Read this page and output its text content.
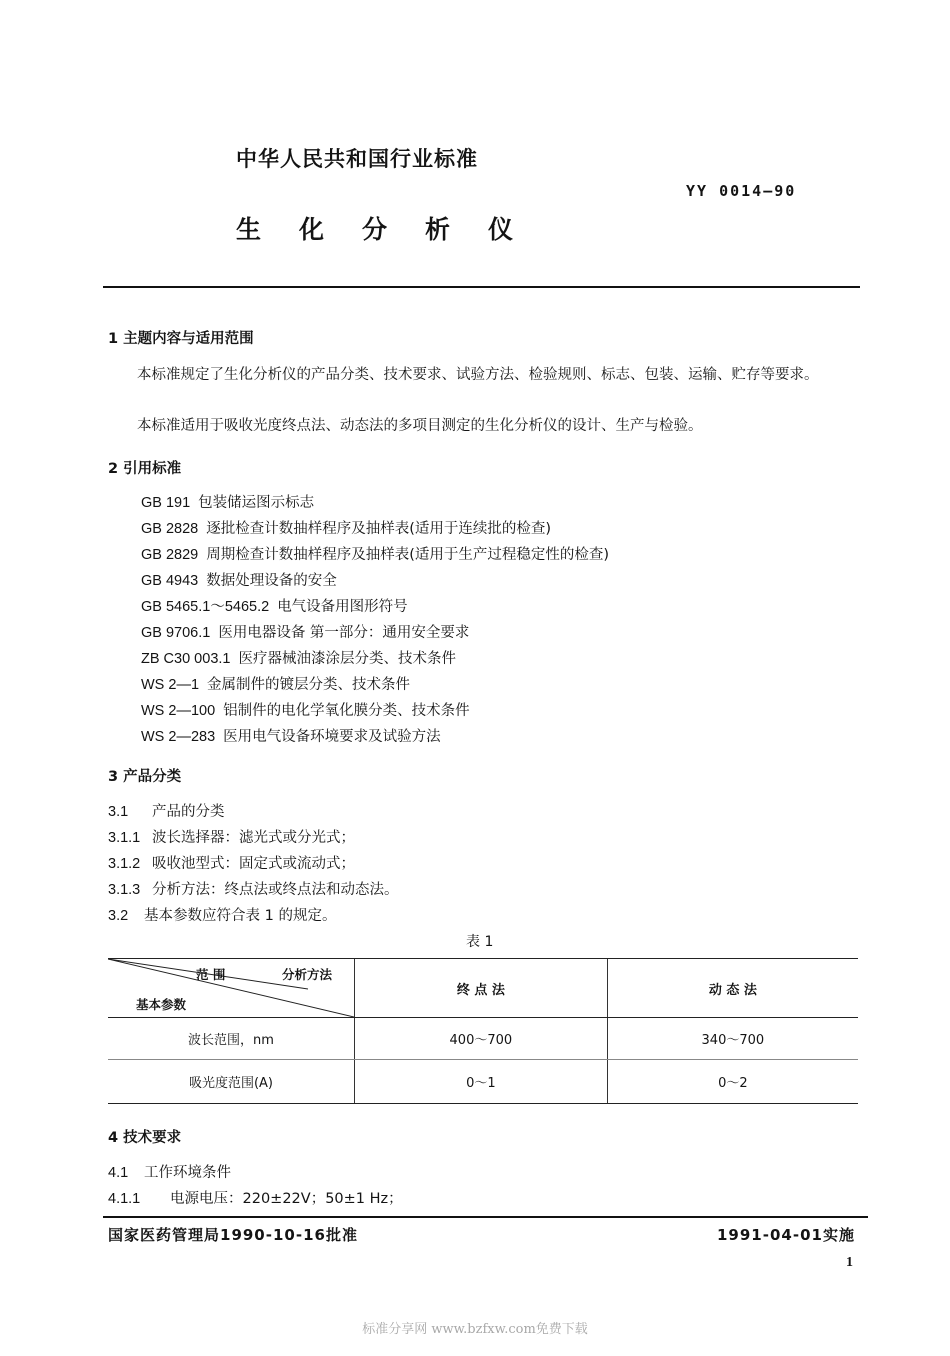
中华人民共和国行业标准
YY 0014—90
生化分析仪
1 主题内容与适用范围
本标准规定了生化分析仪的产品分类、技术要求、试验方法、检验规则、标志、包装、运输、贮存等要求。
本标准适用于吸收光度终点法、动态法的多项目测定的生化分析仪的设计、生产与检验。
2 引用标准
GB 191 包装储运图示标志
GB 2828 逐批检查计数抽样程序及抽样表(适用于连续批的检查)
GB 2829 周期检查计数抽样程序及抽样表(适用于生产过程稳定性的检查)
GB 4943 数据处理设备的安全
GB 5465.1～5465.2 电气设备用图形符号
GB 9706.1 医用电器设备 第一部分：通用安全要求
ZB C30 003.1 医疗器械油漆涂层分类、技术条件
WS 2—1 金属制件的镀层分类、技术条件
WS 2—100 铝制件的电化学氧化膜分类、技术条件
WS 2—283 医用电气设备环境要求及试验方法
3 产品分类
3.1 产品的分类
3.1.1 波长选择器：滤光式或分光式；
3.1.2 吸收池型式：固定式或流动式；
3.1.3 分析方法：终点法或终点法和动态法。
3.2 基本参数应符合表 1 的规定。
表 1
范 围 分析方法
基本参数	终 点 法	动 态 法
波长范围，nm	400～700	340～700
吸光度范围(A)	0～1	0～2
4 技术要求
4.1 工作环境条件
4.1.1 电源电压：220±22V；50±1 Hz；
国家医药管理局1990-10-16批准	1991-04-01实施
1
标准分享网 www.bzfxw.com免费下载
